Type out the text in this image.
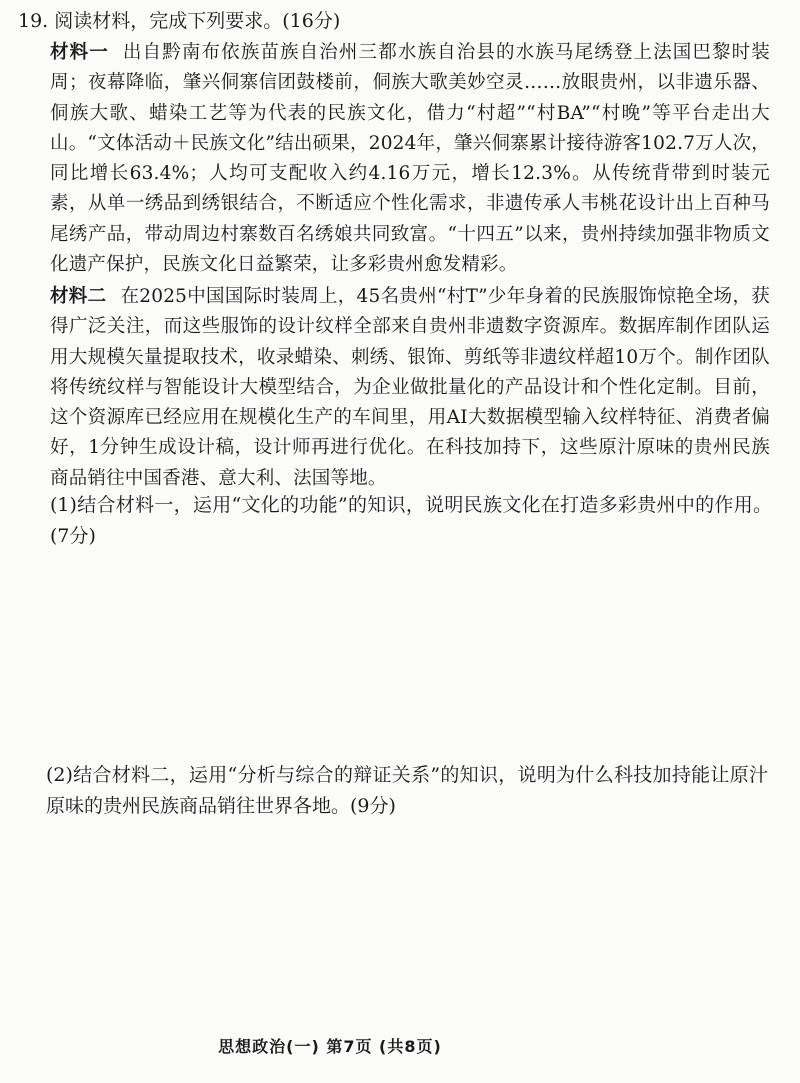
19. 阅读材料，完成下列要求。(16分)
材料一 出自黔南布依族苗族自治州三都水族自治县的水族马尾绣登上法国巴黎时装周；夜幕降临，肇兴侗寨信团鼓楼前，侗族大歌美妙空灵……放眼贵州，以非遗乐器、侗族大歌、蜡染工艺等为代表的民族文化，借力“村超”“村BA”“村晚”等平台走出大山。“文体活动＋民族文化”结出硕果，2024年，肇兴侗寨累计接待游客102.7万人次，同比增长63.4%；人均可支配收入约4.16万元，增长12.3%。从传统背带到时装元素，从单一绣品到绣银结合，不断适应个性化需求，非遗传承人韦桃花设计出上百种马尾绣产品，带动周边村寨数百名绣娘共同致富。“十四五”以来，贵州持续加强非物质文化遗产保护，民族文化日益繁荣，让多彩贵州愈发精彩。
材料二 在2025中国国际时装周上，45名贵州“村T”少年身着的民族服饰惊艳全场，获得广泛关注，而这些服饰的设计纹样全部来自贵州非遗数字资源库。数据库制作团队运用大规模矢量提取技术，收录蜡染、刺绣、银饰、剪纸等非遗纹样超10万个。制作团队将传统纹样与智能设计大模型结合，为企业做批量化的产品设计和个性化定制。目前，这个资源库已经应用在规模化生产的车间里，用AI大数据模型输入纹样特征、消费者偏好，1分钟生成设计稿，设计师再进行优化。在科技加持下，这些原汁原味的贵州民族商品销往中国香港、意大利、法国等地。
(1)结合材料一，运用“文化的功能”的知识，说明民族文化在打造多彩贵州中的作用。(7分)
(2)结合材料二，运用“分析与综合的辩证关系”的知识，说明为什么科技加持能让原汁原味的贵州民族商品销往世界各地。(9分)
思想政治(一) 第7页 (共8页)
